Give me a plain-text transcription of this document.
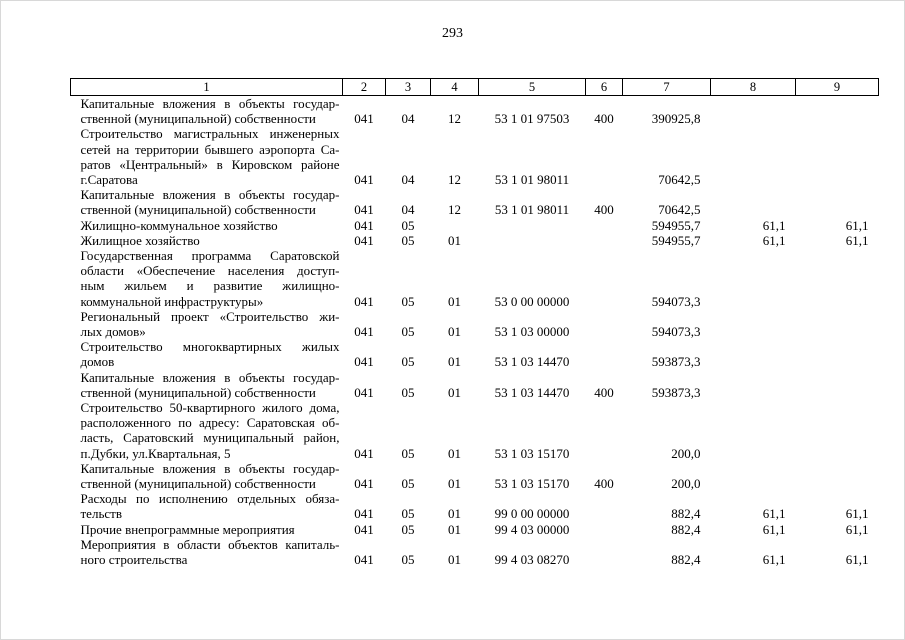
293
1	2	3	4	5	6	7	8	9

Капитальные вложения в объекты государ-
ственной (муниципальной) собственности	041	04	12	53 1 01 97503	400	390925,8		

Строительство магистральных инженерных
сетей на территории бывшего аэропорта Са-
ратов «Центральный» в Кировском районе
г.Саратова	041	04	12	53 1 01 98011		70642,5		

Капитальные вложения в объекты государ-
ственной (муниципальной) собственности	041	04	12	53 1 01 98011	400	70642,5		

Жилищно-коммунальное хозяйство	041	05				594955,7	61,1	61,1

Жилищное хозяйство	041	05	01			594955,7	61,1	61,1

Государственная программа Саратовской
области «Обеспечение населения доступ-
ным жильем и развитие жилищно-
коммунальной инфраструктуры»	041	05	01	53 0 00 00000		594073,3		

Региональный проект «Строительство жи-
лых домов»	041	05	01	53 1 03 00000		594073,3		

Строительство многоквартирных жилых
домов	041	05	01	53 1 03 14470		593873,3		

Капитальные вложения в объекты государ-
ственной (муниципальной) собственности	041	05	01	53 1 03 14470	400	593873,3		

Строительство 50-квартирного жилого дома,
расположенного по адресу: Саратовская об-
ласть, Саратовский муниципальный район,
п.Дубки, ул.Квартальная, 5	041	05	01	53 1 03 15170		200,0		

Капитальные вложения в объекты государ-
ственной (муниципальной) собственности	041	05	01	53 1 03 15170	400	200,0		

Расходы по исполнению отдельных обяза-
тельств	041	05	01	99 0 00 00000		882,4	61,1	61,1

Прочие внепрограммные мероприятия	041	05	01	99 4 03 00000		882,4	61,1	61,1

Мероприятия в области объектов капиталь-
ного строительства	041	05	01	99 4 03 08270		882,4	61,1	61,1
